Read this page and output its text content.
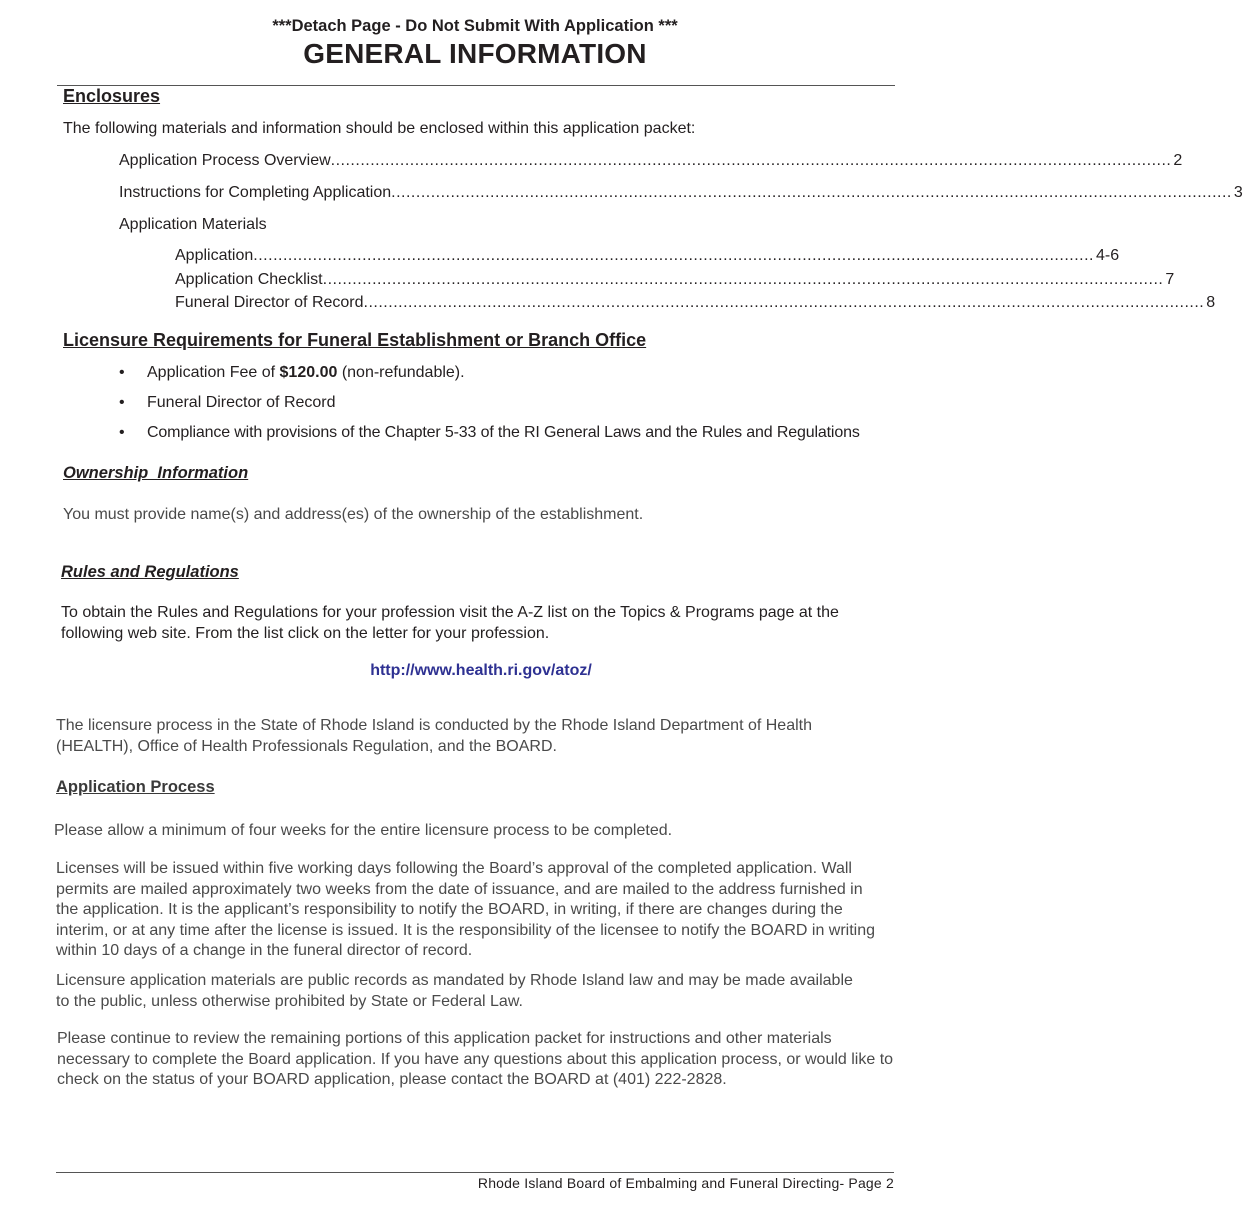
***Detach Page - Do Not Submit With Application ***
GENERAL INFORMATION
Enclosures
The following materials and information should be enclosed within this application packet:
Application Process Overview .......................................................................................................................................................................... 2
Instructions for Completing Application .......................................................................................................................................................................... 3
Application Materials
Application .......................................................................................................................................................................... 4-6
Application Checklist .......................................................................................................................................................................... 7
Funeral Director of Record .......................................................................................................................................................................... 8
Licensure Requirements for Funeral Establishment or Branch Office
• Application Fee of $120.00 (non-refundable).
• Funeral Director of Record
• Compliance with provisions of the Chapter 5-33 of the RI General Laws and the Rules and Regulations
Ownership  Information
You must provide name(s) and address(es) of the ownership of the establishment.
Rules and Regulations
To obtain the Rules and Regulations for your profession visit the A-Z list on the Topics & Programs page at the following web site. From the list click on the letter for your profession.
http://www.health.ri.gov/atoz/
The licensure process in the State of Rhode Island is conducted by the Rhode Island Department of Health (HEALTH), Office of Health Professionals Regulation, and the BOARD.
Application Process
Please allow a minimum of four weeks for the entire licensure process to be completed.
Licenses will be issued within five working days following the Board’s approval of the completed application. Wall permits are mailed approximately two weeks from the date of issuance, and are mailed to the address furnished in the application. It is the applicant’s responsibility to notify the BOARD, in writing, if there are changes during the interim, or at any time after the license is issued. It is the responsibility of the licensee to notify the BOARD in writing within 10 days of a change in the funeral director of record.
Licensure application materials are public records as mandated by Rhode Island law and may be made available to the public, unless otherwise prohibited by State or Federal Law.
Please continue to review the remaining portions of this application packet for instructions and other materials necessary to complete the Board application. If you have any questions about this application process, or would like to check on the status of your BOARD application, please contact the BOARD at (401) 222-2828.
Rhode Island Board of Embalming and Funeral Directing- Page 2
